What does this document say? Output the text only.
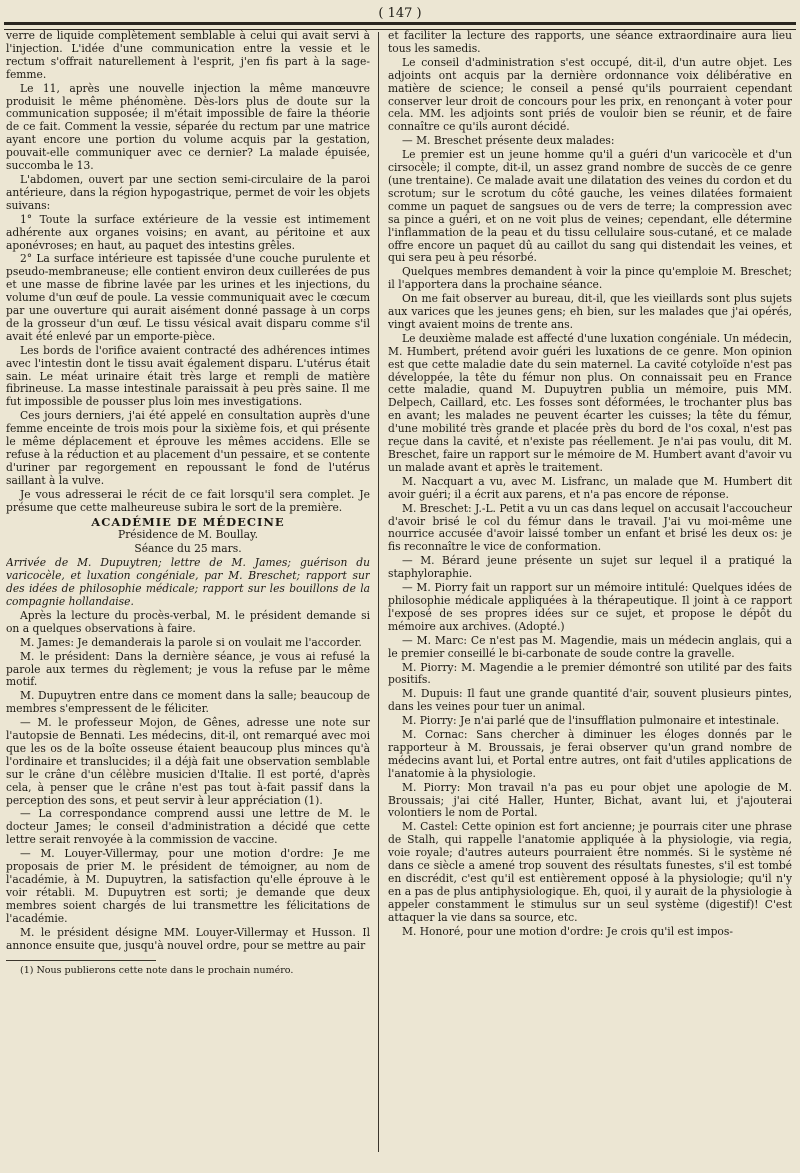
( 147 )

verre de liquide complètement semblable à celui qui avait servi à l'injection. L'idée d'une communication entre la vessie et le rectum s'offrait naturellement à l'esprit, j'en fis part à la sage-femme.

Le 11, après une nouvelle injection la même manœuvre produisit le même phénomène. Dès-lors plus de doute sur la communication supposée; il m'était impossible de faire la théorie de ce fait. Comment la vessie, séparée du rectum par une matrice ayant encore une portion du volume acquis par la gestation, pouvait-elle communiquer avec ce dernier? La malade épuisée, succomba le 13.

L'abdomen, ouvert par une section semi-circulaire de la paroi antérieure, dans la région hypogastrique, permet de voir les objets suivans:

1° Toute la surface extérieure de la vessie est intimement adhérente aux organes voisins; en avant, au péritoine et aux aponévroses; en haut, au paquet des intestins grêles.

2° La surface intérieure est tapissée d'une couche purulente et pseudo-membraneuse; elle contient environ deux cuillerées de pus et une masse de fibrine lavée par les urines et les injections, du volume d'un œuf de poule. La vessie communiquait avec le cœcum par une ouverture qui aurait aisément donné passage à un corps de la grosseur d'un œuf. Le tissu vésical avait disparu comme s'il avait été enlevé par un emporte-pièce.

Les bords de l'orifice avaient contracté des adhérences intimes avec l'intestin dont le tissu avait également disparu. L'utérus était sain. Le méat urinaire était très large et rempli de matière fibrineuse. La masse intestinale paraissait à peu près saine. Il me fut impossible de pousser plus loin mes investigations.

Ces jours derniers, j'ai été appelé en consultation auprès d'une femme enceinte de trois mois pour la sixième fois, et qui présente le même déplacement et éprouve les mêmes accidens. Elle se refuse à la réduction et au placement d'un pessaire, et se contente d'uriner par regorgement en repoussant le fond de l'utérus saillant à la vulve.

Je vous adresserai le récit de ce fait lorsqu'il sera complet. Je présume que cette malheureuse subira le sort de la première.

ACADÉMIE DE MÉDECINE

Présidence de M. Boullay.

Séance du 25 mars.

Arrivée de M. Dupuytren; lettre de M. James; guérison du varicocèle, et luxation congéniale, par M. Breschet; rapport sur des idées de philosophie médicale; rapport sur les bouillons de la compagnie hollandaise.

Après la lecture du procès-verbal, M. le président demande si on a quelques observations à faire.

M. James: Je demanderais la parole si on voulait me l'accorder.

M. le président: Dans la dernière séance, je vous ai refusé la parole aux termes du règlement; je vous la refuse par le même motif.

M. Dupuytren entre dans ce moment dans la salle; beaucoup de membres s'empressent de le féliciter.

— M. le professeur Mojon, de Gênes, adresse une note sur l'autopsie de Bennati. Les médecins, dit-il, ont remarqué avec moi que les os de la boîte osseuse étaient beaucoup plus minces qu'à l'ordinaire et translucides; il a déjà fait une observation semblable sur le crâne d'un célèbre musicien d'Italie. Il est porté, d'après cela, à penser que le crâne n'est pas tout à-fait passif dans la perception des sons, et peut servir à leur appréciation (1).

— La correspondance comprend aussi une lettre de M. le docteur James; le conseil d'administration a décidé que cette lettre serait renvoyée à la commission de vaccine.

— M. Louyer-Villermay, pour une motion d'ordre: Je me proposais de prier M. le président de témoigner, au nom de l'académie, à M. Dupuytren, la satisfaction qu'elle éprouve à le voir rétabli. M. Dupuytren est sorti; je demande que deux membres soient chargés de lui transmettre les félicitations de l'académie.

M. le président désigne MM. Louyer-Villermay et Husson. Il annonce ensuite que, jusqu'à nouvel ordre, pour se mettre au pair

(1) Nous publierons cette note dans le prochain numéro.

et faciliter la lecture des rapports, une séance extraordinaire aura lieu tous les samedis.

Le conseil d'administration s'est occupé, dit-il, d'un autre objet. Les adjoints ont acquis par la dernière ordonnance voix délibérative en matière de science; le conseil a pensé qu'ils pourraient cependant conserver leur droit de concours pour les prix, en renonçant à voter pour cela. MM. les adjoints sont priés de vouloir bien se réunir, et de faire connaître ce qu'ils auront décidé.

— M. Breschet présente deux malades:

Le premier est un jeune homme qu'il a guéri d'un varicocèle et d'un cirsocèle; il compte, dit-il, un assez grand nombre de succès de ce genre (une trentaine). Ce malade avait une dilatation des veines du cordon et du scrotum; sur le scrotum du côté gauche, les veines dilatées formaient comme un paquet de sangsues ou de vers de terre; la compression avec sa pince a guéri, et on ne voit plus de veines; cependant, elle détermine l'inflammation de la peau et du tissu cellulaire sous-cutané, et ce malade offre encore un paquet dû au caillot du sang qui distendait les veines, et qui sera peu à peu résorbé.

Quelques membres demandent à voir la pince qu'emploie M. Breschet; il l'apportera dans la prochaine séance.

On me fait observer au bureau, dit-il, que les vieillards sont plus sujets aux varices que les jeunes gens; eh bien, sur les malades que j'ai opérés, vingt avaient moins de trente ans.

Le deuxième malade est affecté d'une luxation congéniale. Un médecin, M. Humbert, prétend avoir guéri les luxations de ce genre. Mon opinion est que cette maladie date du sein maternel. La cavité cotyloïde n'est pas développée, la tête du fémur non plus. On connaissait peu en France cette maladie, quand M. Dupuytren publia un mémoire, puis MM. Delpech, Caillard, etc. Les fosses sont déformées, le trochanter plus bas en avant; les malades ne peuvent écarter les cuisses; la tête du fémur, d'une mobilité très grande et placée près du bord de l'os coxal, n'est pas reçue dans la cavité, et n'existe pas réellement. Je n'ai pas voulu, dit M. Breschet, faire un rapport sur le mémoire de M. Humbert avant d'avoir vu un malade avant et après le traitement.

M. Nacquart a vu, avec M. Lisfranc, un malade que M. Humbert dit avoir guéri; il a écrit aux parens, et n'a pas encore de réponse.

M. Breschet: J.-L. Petit a vu un cas dans lequel on accusait l'accoucheur d'avoir brisé le col du fémur dans le travail. J'ai vu moi-même une nourrice accusée d'avoir laissé tomber un enfant et brisé les deux os: je fis reconnaître le vice de conformation.

— M. Bérard jeune présente un sujet sur lequel il a pratiqué la staphyloraphie.

— M. Piorry fait un rapport sur un mémoire intitulé: Quelques idées de philosophie médicale appliquées à la thérapeutique. Il joint à ce rapport l'exposé de ses propres idées sur ce sujet, et propose le dépôt du mémoire aux archives. (Adopté.)

— M. Marc: Ce n'est pas M. Magendie, mais un médecin anglais, qui a le premier conseillé le bi-carbonate de soude contre la gravelle.

M. Piorry: M. Magendie a le premier démontré son utilité par des faits positifs.

M. Dupuis: Il faut une grande quantité d'air, souvent plusieurs pintes, dans les veines pour tuer un animal.

M. Piorry: Je n'ai parlé que de l'insufflation pulmonaire et intestinale.

M. Cornac: Sans chercher à diminuer les éloges donnés par le rapporteur à M. Broussais, je ferai observer qu'un grand nombre de médecins avant lui, et Portal entre autres, ont fait d'utiles applications de l'anatomie à la physiologie.

M. Piorry: Mon travail n'a pas eu pour objet une apologie de M. Broussais; j'ai cité Haller, Hunter, Bichat, avant lui, et j'ajouterai volontiers le nom de Portal.

M. Castel: Cette opinion est fort ancienne; je pourrais citer une phrase de Stalh, qui rappelle l'anatomie appliquée à la physiologie, via regia, voie royale; d'autres auteurs pourraient être nommés. Si le système né dans ce siècle a amené trop souvent des résultats funestes, s'il est tombé en discrédit, c'est qu'il est entièrement opposé à la physiologie; qu'il n'y en a pas de plus antiphysiologique. Eh, quoi, il y aurait de la physiologie à appeler constamment le stimulus sur un seul système (digestif)! C'est attaquer la vie dans sa source, etc.

M. Honoré, pour une motion d'ordre: Je crois qu'il est impos-
